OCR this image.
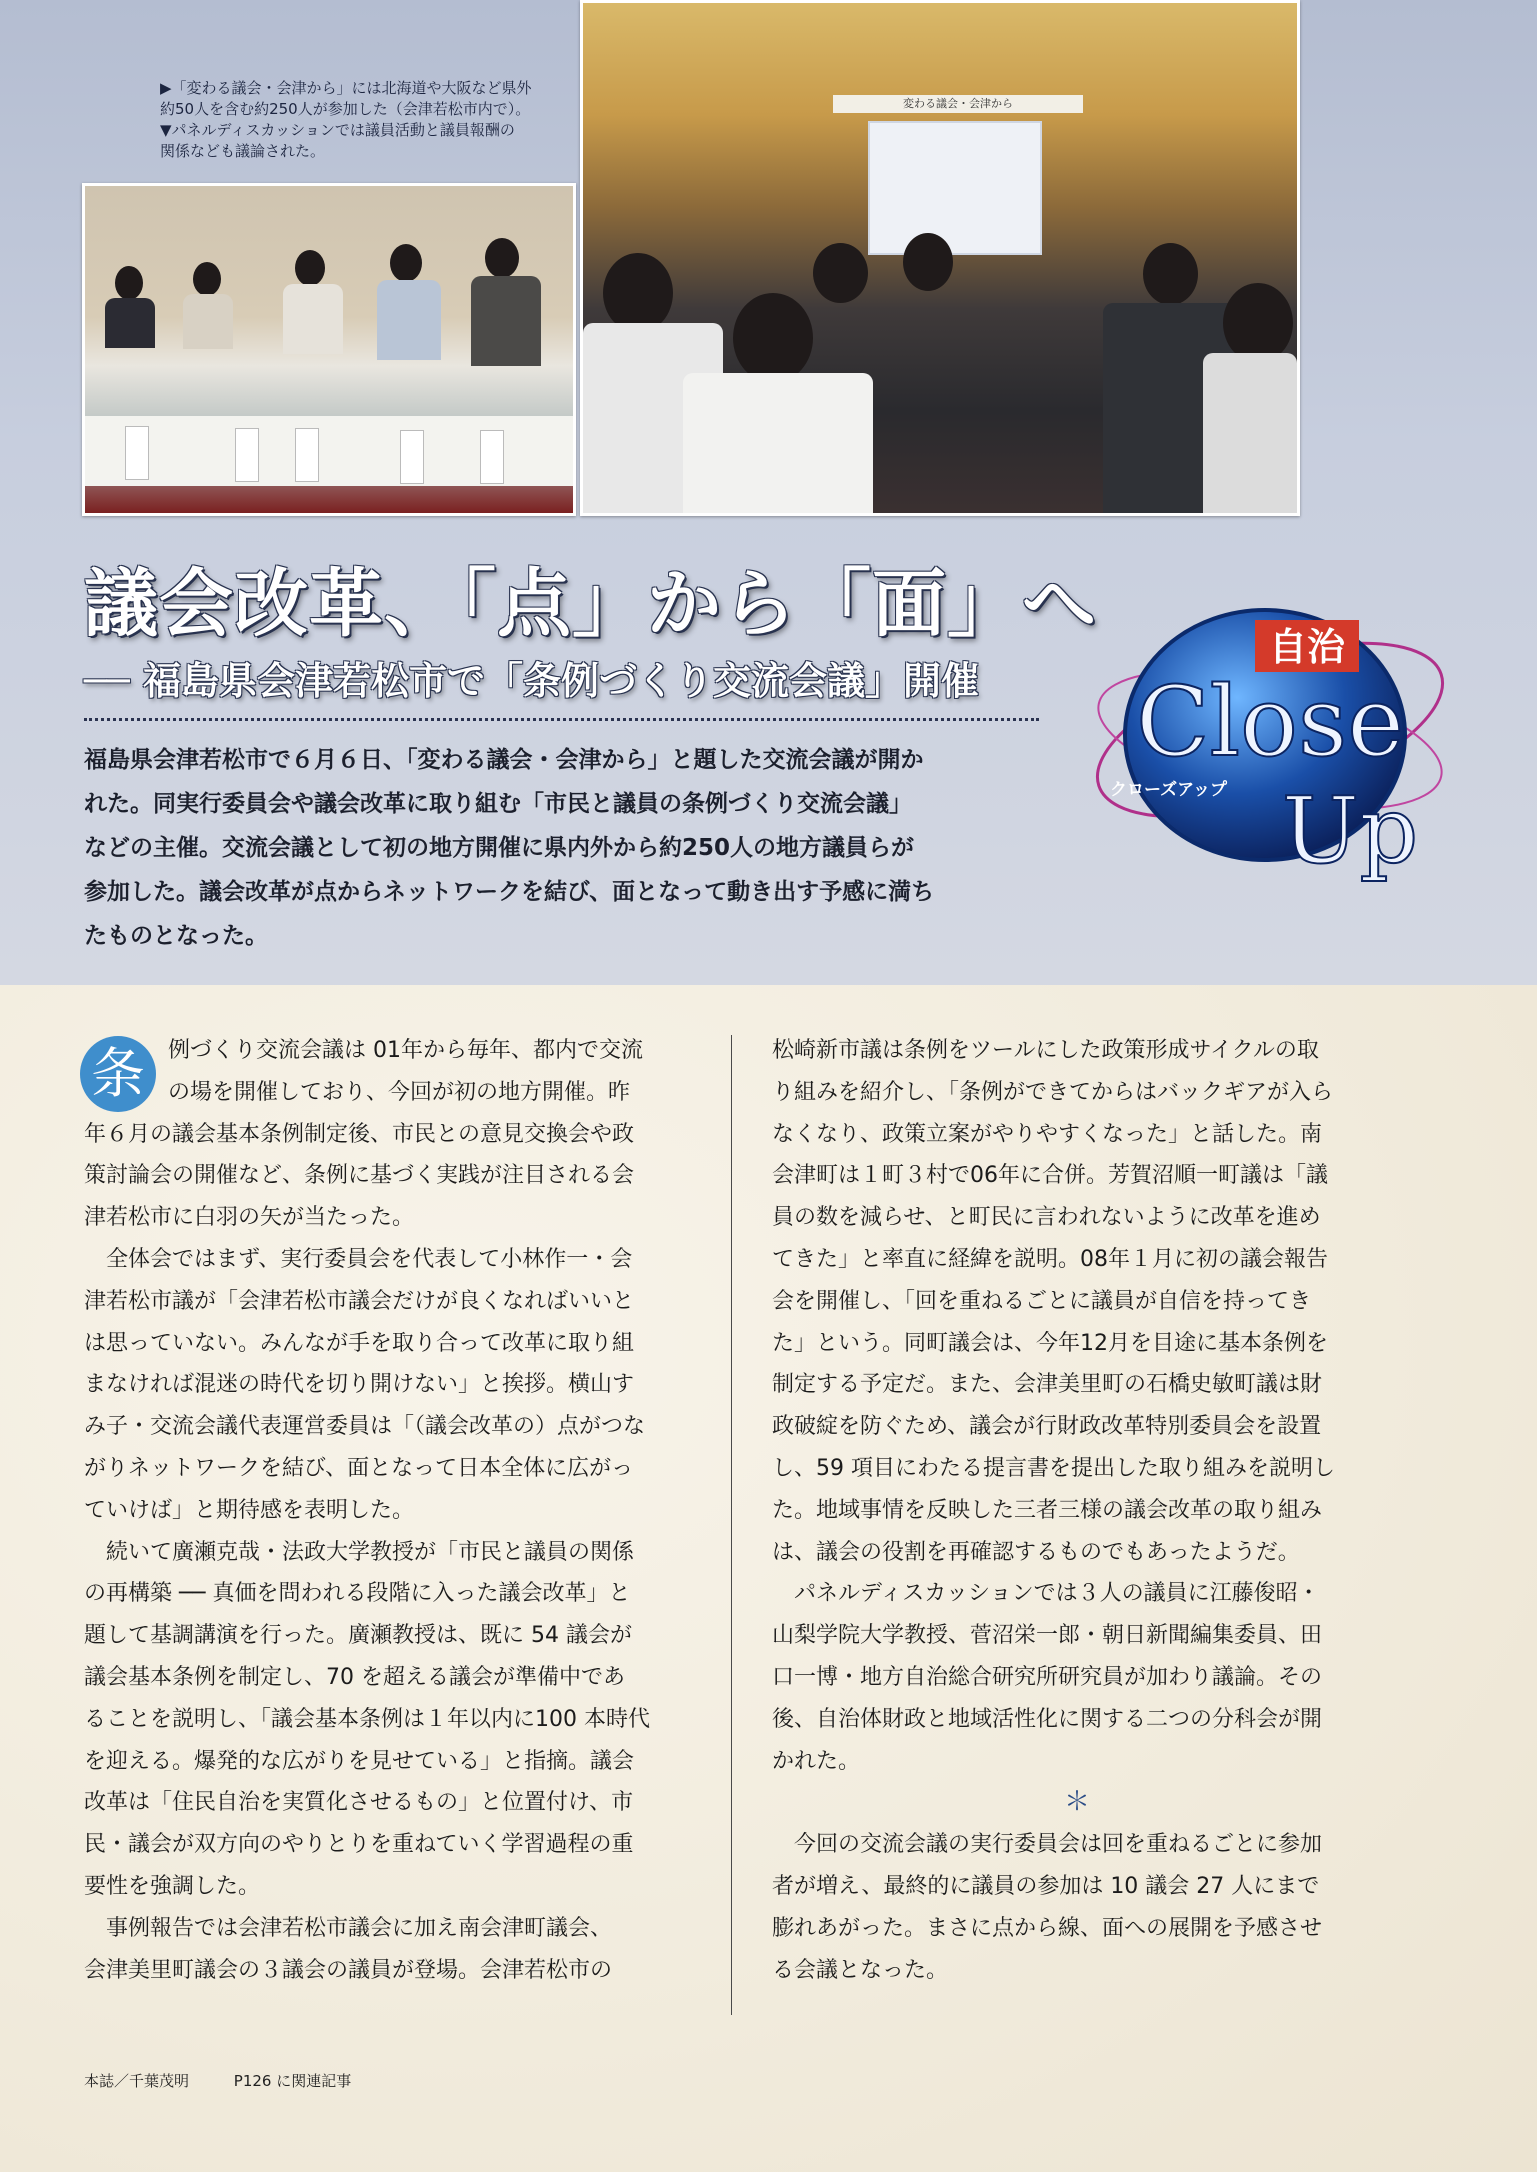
▶「変わる議会・会津から」には北海道や大阪など県外
約50人を含む約250人が参加した（会津若松市内で）。
▼パネルディスカッションでは議員活動と議員報酬の
関係なども議論された。
変わる議会・会津から
議会改革、「点」から「面」へ
── 福島県会津若松市で「条例づくり交流会議」開催
福島県会津若松市で６月６日、「変わる議会・会津から」と題した交流会議が開か
れた。同実行委員会や議会改革に取り組む「市民と議員の条例づくり交流会議」
などの主催。交流会議として初の地方開催に県内外から約250人の地方議員らが
参加した。議会改革が点からネットワークを結び、面となって動き出す予感に満ち
たものとなった。
自治
Close
クローズアップ Up
条	例づくり交流会議は 01年から毎年、都内で交流
の場を開催しており、今回が初の地方開催。昨
年６月の議会基本条例制定後、市民との意見交換会や政
策討論会の開催など、条例に基づく実践が注目される会
津若松市に白羽の矢が当たった。
　全体会ではまず、実行委員会を代表して小林作一・会
津若松市議が「会津若松市議会だけが良くなればいいと
は思っていない。みんなが手を取り合って改革に取り組
まなければ混迷の時代を切り開けない」と挨拶。横山す
み子・交流会議代表運営委員は「（議会改革の）点がつな
がりネットワークを結び、面となって日本全体に広がっ
ていけば」と期待感を表明した。
　続いて廣瀬克哉・法政大学教授が「市民と議員の関係
の再構築 ── 真価を問われる段階に入った議会改革」と
題して基調講演を行った。廣瀬教授は、既に 54 議会が
議会基本条例を制定し、70 を超える議会が準備中であ
ることを説明し、「議会基本条例は１年以内に100 本時代
を迎える。爆発的な広がりを見せている」と指摘。議会
改革は「住民自治を実質化させるもの」と位置付け、市
民・議会が双方向のやりとりを重ねていく学習過程の重
要性を強調した。
　事例報告では会津若松市議会に加え南会津町議会、
会津美里町議会の３議会の議員が登場。会津若松市の
松崎新市議は条例をツールにした政策形成サイクルの取
り組みを紹介し、「条例ができてからはバックギアが入ら
なくなり、政策立案がやりやすくなった」と話した。南
会津町は１町３村で06年に合併。芳賀沼順一町議は「議
員の数を減らせ、と町民に言われないように改革を進め
てきた」と率直に経緯を説明。08年１月に初の議会報告
会を開催し、「回を重ねるごとに議員が自信を持ってき
た」という。同町議会は、今年12月を目途に基本条例を
制定する予定だ。また、会津美里町の石橋史敏町議は財
政破綻を防ぐため、議会が行財政改革特別委員会を設置
し、59 項目にわたる提言書を提出した取り組みを説明し
た。地域事情を反映した三者三様の議会改革の取り組み
は、議会の役割を再確認するものでもあったようだ。
　パネルディスカッションでは３人の議員に江藤俊昭・
山梨学院大学教授、菅沼栄一郎・朝日新聞編集委員、田
口一博・地方自治総合研究所研究員が加わり議論。その
後、自治体財政と地域活性化に関する二つの分科会が開
かれた。
＊
　今回の交流会議の実行委員会は回を重ねるごとに参加
者が増え、最終的に議員の参加は 10 議会 27 人にまで
膨れあがった。まさに点から線、面への展開を予感させ
る会議となった。
本誌／千葉茂明	P126 に関連記事
